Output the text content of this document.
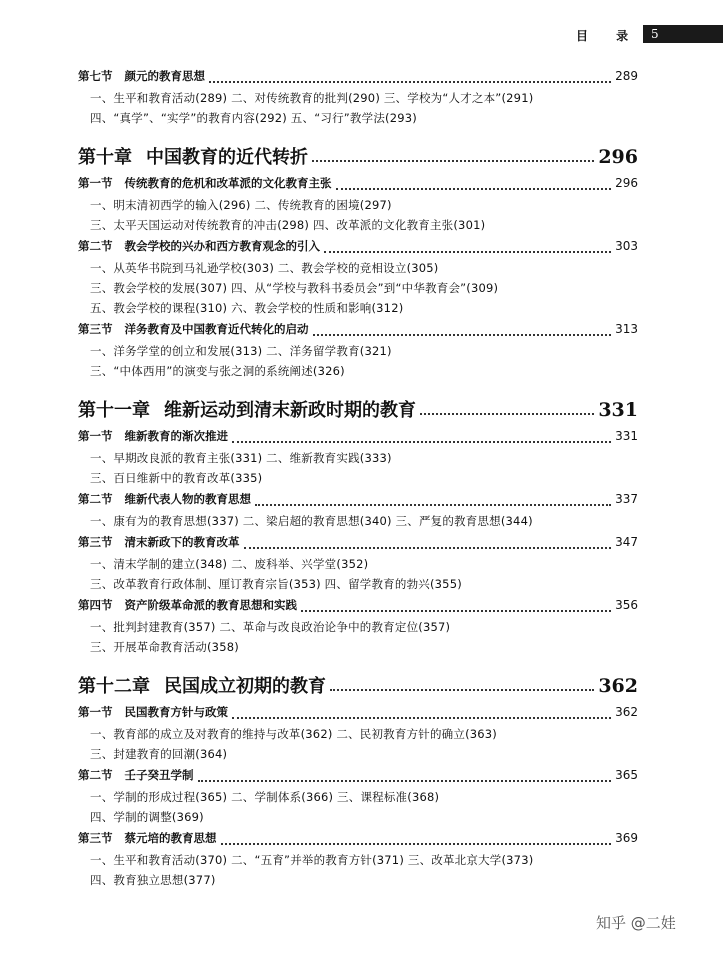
目 录 5
第七节 颜元的教育思想	289
一、生平和教育活动(289) 二、对传统教育的批判(290) 三、学校为“人才之本”(291)
四、“真学”、“实学”的教育内容(292) 五、“习行”教学法(293)
第十章 中国教育的近代转折	296
第一节 传统教育的危机和改革派的文化教育主张	296
一、明末清初西学的输入(296) 二、传统教育的困境(297)
三、太平天国运动对传统教育的冲击(298) 四、改革派的文化教育主张(301)
第二节 教会学校的兴办和西方教育观念的引入	303
一、从英华书院到马礼逊学校(303) 二、教会学校的竞相设立(305)
三、教会学校的发展(307) 四、从“学校与教科书委员会”到“中华教育会”(309)
五、教会学校的课程(310) 六、教会学校的性质和影响(312)
第三节 洋务教育及中国教育近代转化的启动	313
一、洋务学堂的创立和发展(313) 二、洋务留学教育(321)
三、“中体西用”的演变与张之洞的系统阐述(326)
第十一章 维新运动到清末新政时期的教育	331
第一节 维新教育的渐次推进	331
一、早期改良派的教育主张(331) 二、维新教育实践(333)
三、百日维新中的教育改革(335)
第二节 维新代表人物的教育思想	337
一、康有为的教育思想(337) 二、梁启超的教育思想(340) 三、严复的教育思想(344)
第三节 清末新政下的教育改革	347
一、清末学制的建立(348) 二、废科举、兴学堂(352)
三、改革教育行政体制、厘订教育宗旨(353) 四、留学教育的勃兴(355)
第四节 资产阶级革命派的教育思想和实践	356
一、批判封建教育(357) 二、革命与改良政治论争中的教育定位(357)
三、开展革命教育活动(358)
第十二章 民国成立初期的教育	362
第一节 民国教育方针与政策	362
一、教育部的成立及对教育的维持与改革(362) 二、民初教育方针的确立(363)
三、封建教育的回潮(364)
第二节 壬子癸丑学制	365
一、学制的形成过程(365) 二、学制体系(366) 三、课程标准(368)
四、学制的调整(369)
第三节 蔡元培的教育思想	369
一、生平和教育活动(370) 二、“五育”并举的教育方针(371) 三、改革北京大学(373)
四、教育独立思想(377)
知乎 @二娃
